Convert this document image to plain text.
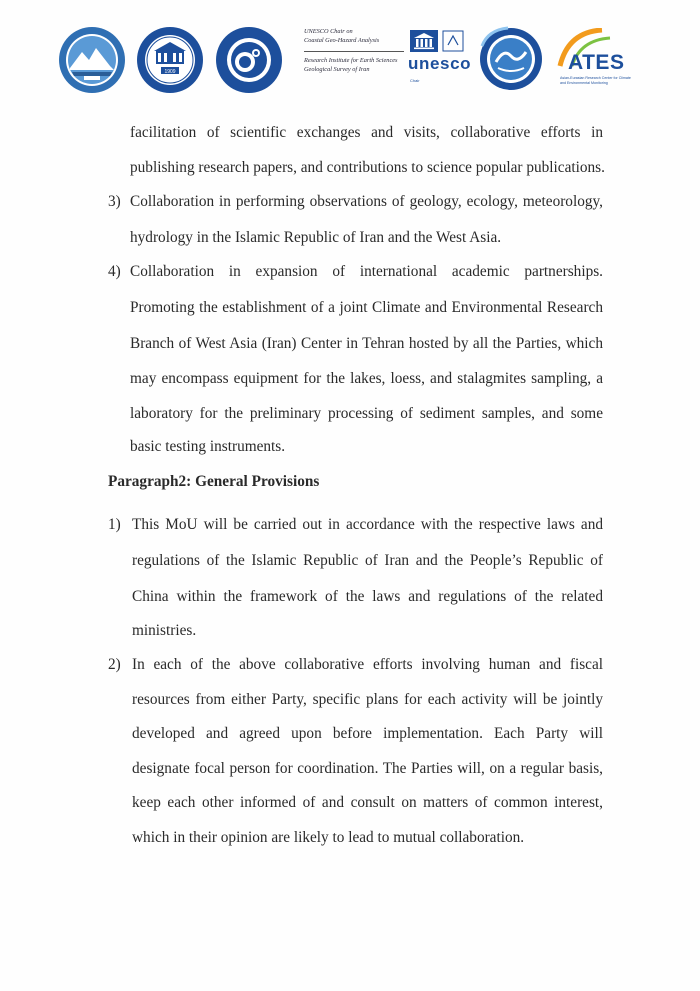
1909
UNESCO Chair on
Coastal Geo-Hazard Analysis
Research Institute for Earth Sciences
Geological Survey of Iran unesco
Chair
ATES
Asian-Eurasian Research Center for Climate and Environmental Monitoring
facilitation of scientific exchanges and visits, collaborative efforts in
publishing research papers, and contributions to science popular publications.
3) Collaboration in performing observations of geology, ecology, meteorology,
hydrology in the Islamic Republic of Iran and the West Asia.
4) Collaboration in expansion of international academic partnerships.
Promoting the establishment of a joint Climate and Environmental Research
Branch of West Asia (Iran) Center in Tehran hosted by all the Parties, which
may encompass equipment for the lakes, loess, and stalagmites sampling, a
laboratory for the preliminary processing of sediment samples, and some
basic testing instruments.
Paragraph2: General Provisions
1) This MoU will be carried out in accordance with the respective laws and
regulations of the Islamic Republic of Iran and the People’s Republic of
China within the framework of the laws and regulations of the related
ministries.
2) In each of the above collaborative efforts involving human and fiscal
resources from either Party, specific plans for each activity will be jointly
developed and agreed upon before implementation. Each Party will
designate focal person for coordination. The Parties will, on a regular basis,
keep each other informed of and consult on matters of common interest,
which in their opinion are likely to lead to mutual collaboration.
